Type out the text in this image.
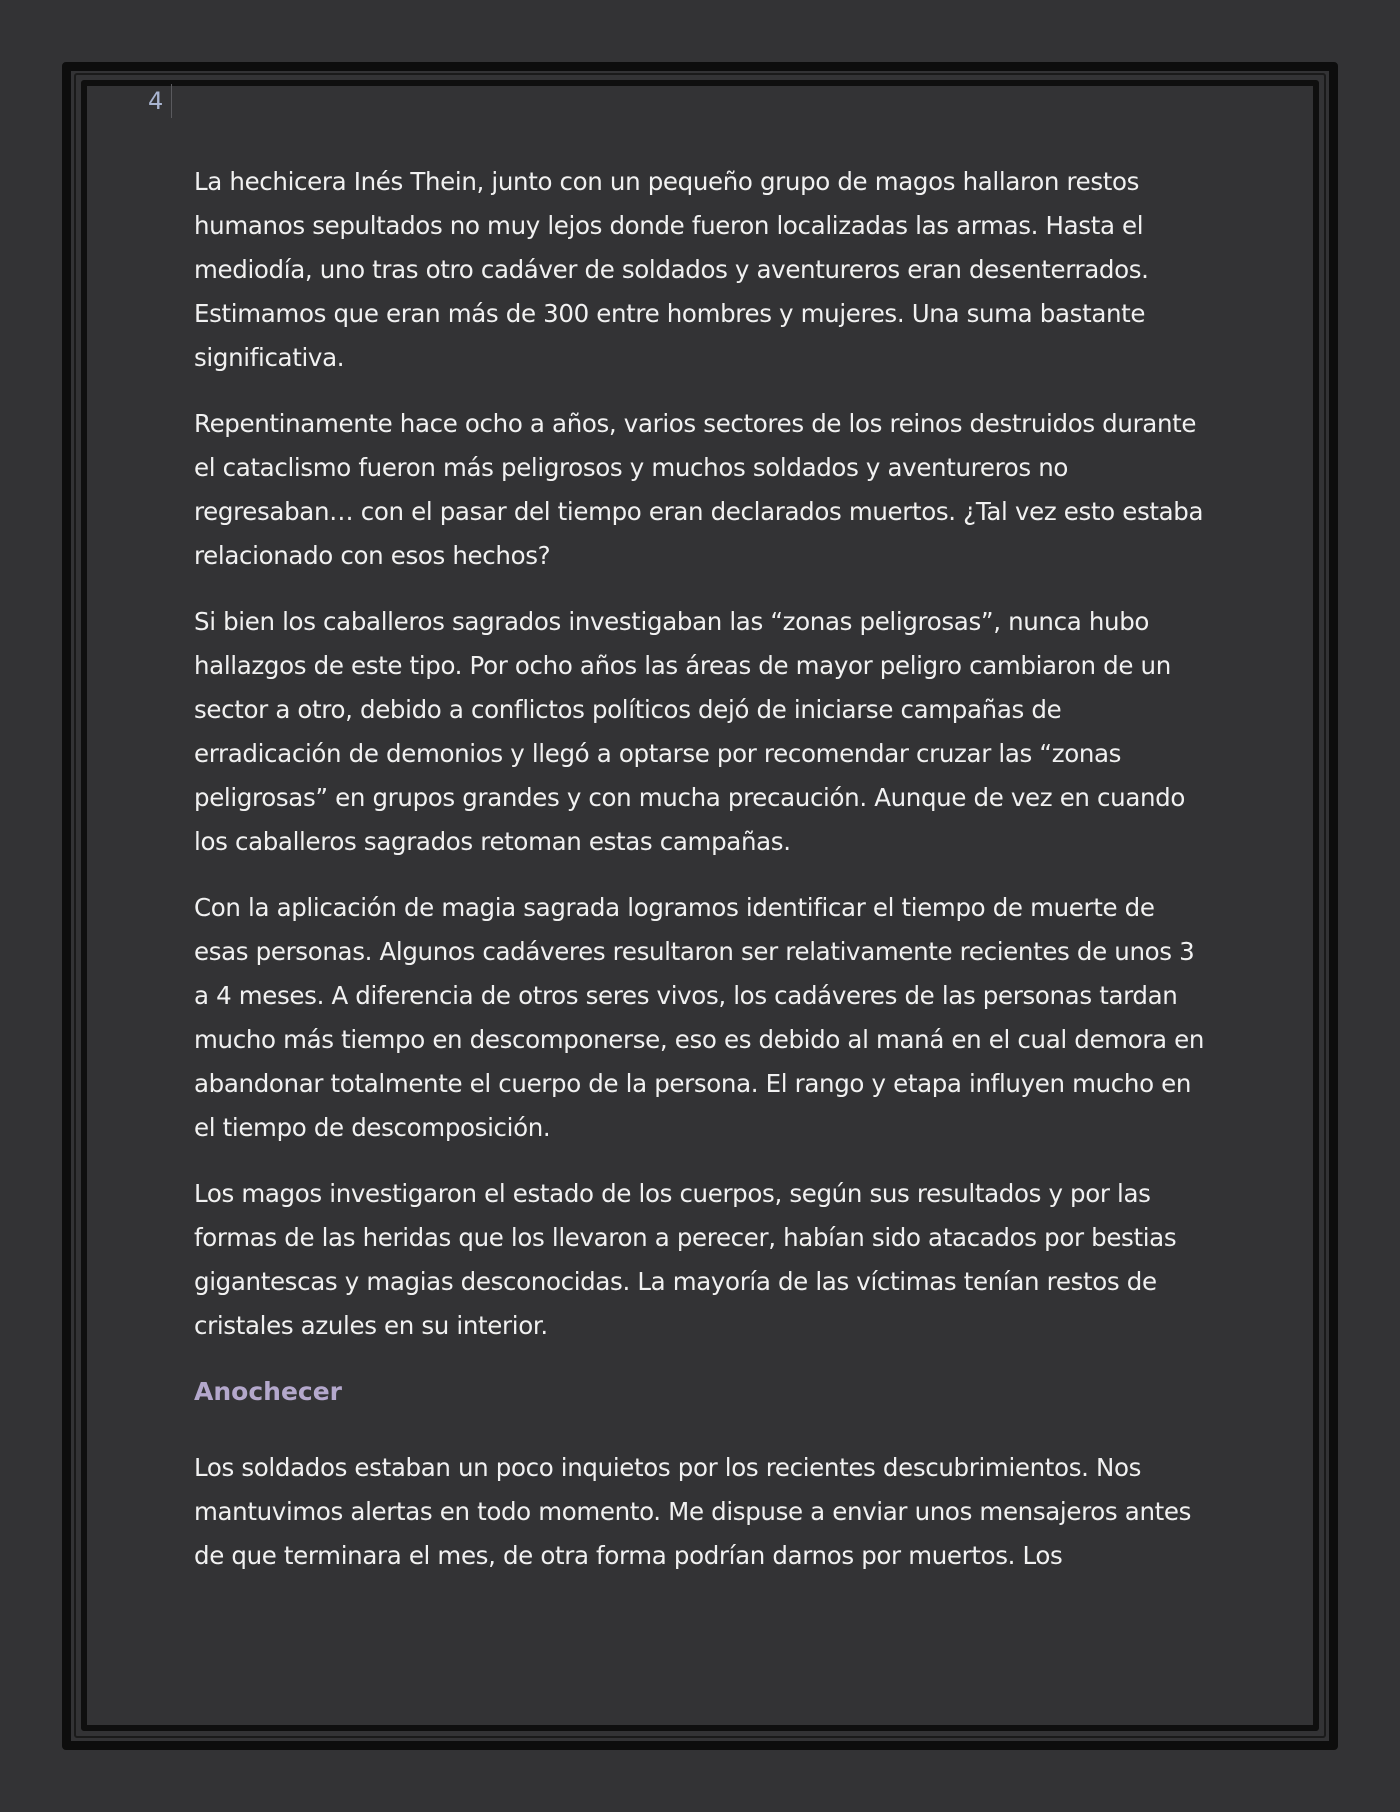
4

La hechicera Inés Thein, junto con un pequeño grupo de magos hallaron restos humanos sepultados no muy lejos donde fueron localizadas las armas. Hasta el mediodía, uno tras otro cadáver de soldados y aventureros eran desenterrados. Estimamos que eran más de 300 entre hombres y mujeres. Una suma bastante significativa.

Repentinamente hace ocho a años, varios sectores de los reinos destruidos durante el cataclismo fueron más peligrosos y muchos soldados y aventureros no regresaban… con el pasar del tiempo eran declarados muertos. ¿Tal vez esto estaba relacionado con esos hechos?

Si bien los caballeros sagrados investigaban las “zonas peligrosas”, nunca hubo hallazgos de este tipo. Por ocho años las áreas de mayor peligro cambiaron de un sector a otro, debido a conflictos políticos dejó de iniciarse campañas de erradicación de demonios y llegó a optarse por recomendar cruzar las “zonas peligrosas” en grupos grandes y con mucha precaución. Aunque de vez en cuando los caballeros sagrados retoman estas campañas.

Con la aplicación de magia sagrada logramos identificar el tiempo de muerte de esas personas. Algunos cadáveres resultaron ser relativamente recientes de unos 3 a 4 meses. A diferencia de otros seres vivos, los cadáveres de las personas tardan mucho más tiempo en descomponerse, eso es debido al maná en el cual demora en abandonar totalmente el cuerpo de la persona. El rango y etapa influyen mucho en el tiempo de descomposición.

Los magos investigaron el estado de los cuerpos, según sus resultados y por las formas de las heridas que los llevaron a perecer, habían sido atacados por bestias gigantescas y magias desconocidas. La mayoría de las víctimas tenían restos de cristales azules en su interior.

Anochecer

Los soldados estaban un poco inquietos por los recientes descubrimientos. Nos mantuvimos alertas en todo momento. Me dispuse a enviar unos mensajeros antes de que terminara el mes, de otra forma podrían darnos por muertos. Los
